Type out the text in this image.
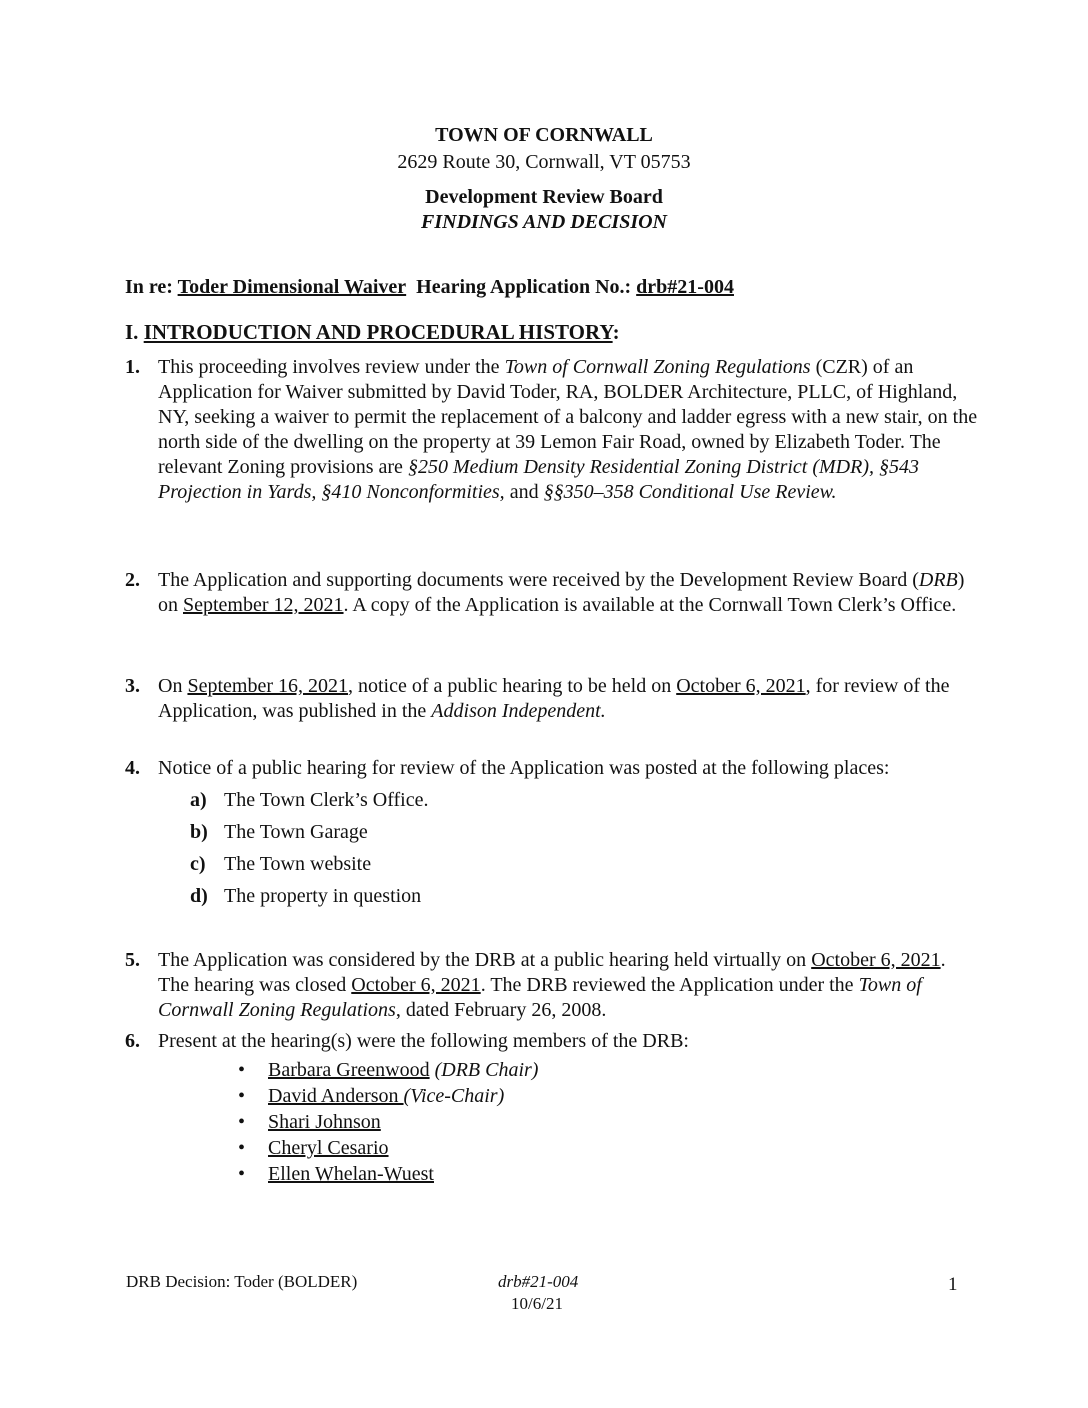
TOWN OF CORNWALL
2629 Route 30, Cornwall, VT 05753
Development Review Board
FINDINGS AND DECISION
In re: Toder Dimensional Waiver Hearing Application No.: drb#21-004
I. INTRODUCTION AND PROCEDURAL HISTORY:
1. This proceeding involves review under the Town of Cornwall Zoning Regulations (CZR) of an Application for Waiver submitted by David Toder, RA, BOLDER Architecture, PLLC, of Highland, NY, seeking a waiver to permit the replacement of a balcony and ladder egress with a new stair, on the north side of the dwelling on the property at 39 Lemon Fair Road, owned by Elizabeth Toder. The relevant Zoning provisions are §250 Medium Density Residential Zoning District (MDR), §543 Projection in Yards, §410 Nonconformities, and §§350–358 Conditional Use Review.
2. The Application and supporting documents were received by the Development Review Board (DRB) on September 12, 2021. A copy of the Application is available at the Cornwall Town Clerk’s Office.
3. On September 16, 2021, notice of a public hearing to be held on October 6, 2021, for review of the Application, was published in the Addison Independent.
4. Notice of a public hearing for review of the Application was posted at the following places:
a) The Town Clerk’s Office.
b) The Town Garage
c) The Town website
d) The property in question
5. The Application was considered by the DRB at a public hearing held virtually on October 6, 2021. The hearing was closed October 6, 2021. The DRB reviewed the Application under the Town of Cornwall Zoning Regulations, dated February 26, 2008.
6. Present at the hearing(s) were the following members of the DRB:
• Barbara Greenwood (DRB Chair)
• David Anderson (Vice-Chair)
• Shari Johnson
• Cheryl Cesario
• Ellen Whelan-Wuest
DRB Decision: Toder (BOLDER)	drb#21-004
10/6/21
1
